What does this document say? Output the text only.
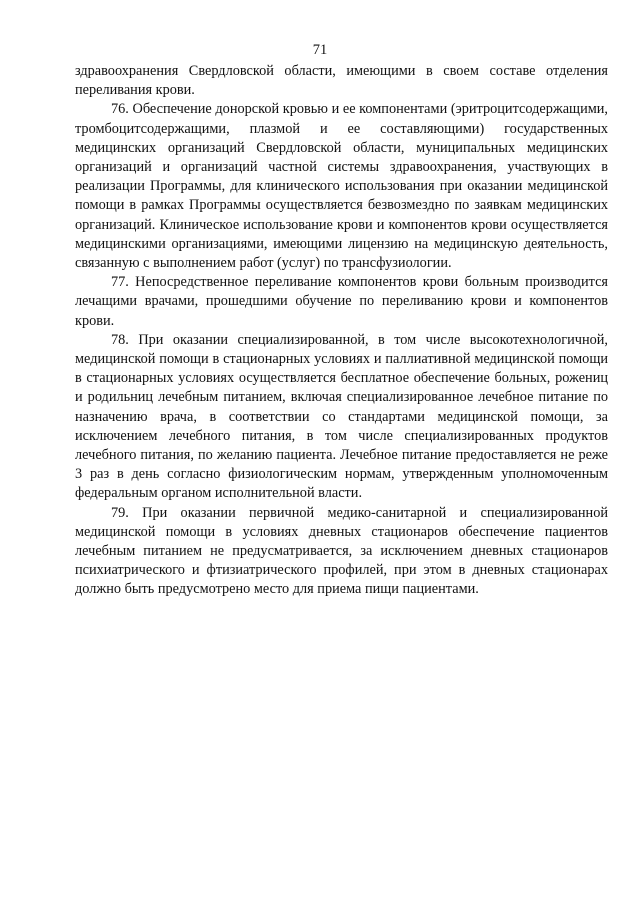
71

здравоохранения Свердловской области, имеющими в своем составе отделения переливания крови.

76. Обеспечение донорской кровью и ее компонентами (эритроцитсодержащими, тромбоцитсодержащими, плазмой и ее составляющими) государственных медицинских организаций Свердловской области, муниципальных медицинских организаций и организаций частной системы здравоохранения, участвующих в реализации Программы, для клинического использования при оказании медицинской помощи в рамках Программы осуществляется безвозмездно по заявкам медицинских организаций. Клиническое использование крови и компонентов крови осуществляется медицинскими организациями, имеющими лицензию на медицинскую деятельность, связанную с выполнением работ (услуг) по трансфузиологии.

77. Непосредственное переливание компонентов крови больным производится лечащими врачами, прошедшими обучение по переливанию крови и компонентов крови.

78. При оказании специализированной, в том числе высокотехнологичной, медицинской помощи в стационарных условиях и паллиативной медицинской помощи в стационарных условиях осуществляется бесплатное обеспечение больных, рожениц и родильниц лечебным питанием, включая специализированное лечебное питание по назначению врача, в соответствии со стандартами медицинской помощи, за исключением лечебного питания, в том числе специализированных продуктов лечебного питания, по желанию пациента. Лечебное питание предоставляется не реже 3 раз в день согласно физиологическим нормам, утвержденным уполномоченным федеральным органом исполнительной власти.

79. При оказании первичной медико-санитарной и специализированной медицинской помощи в условиях дневных стационаров обеспечение пациентов лечебным питанием не предусматривается, за исключением дневных стационаров психиатрического и фтизиатрического профилей, при этом в дневных стационарах должно быть предусмотрено место для приема пищи пациентами.
